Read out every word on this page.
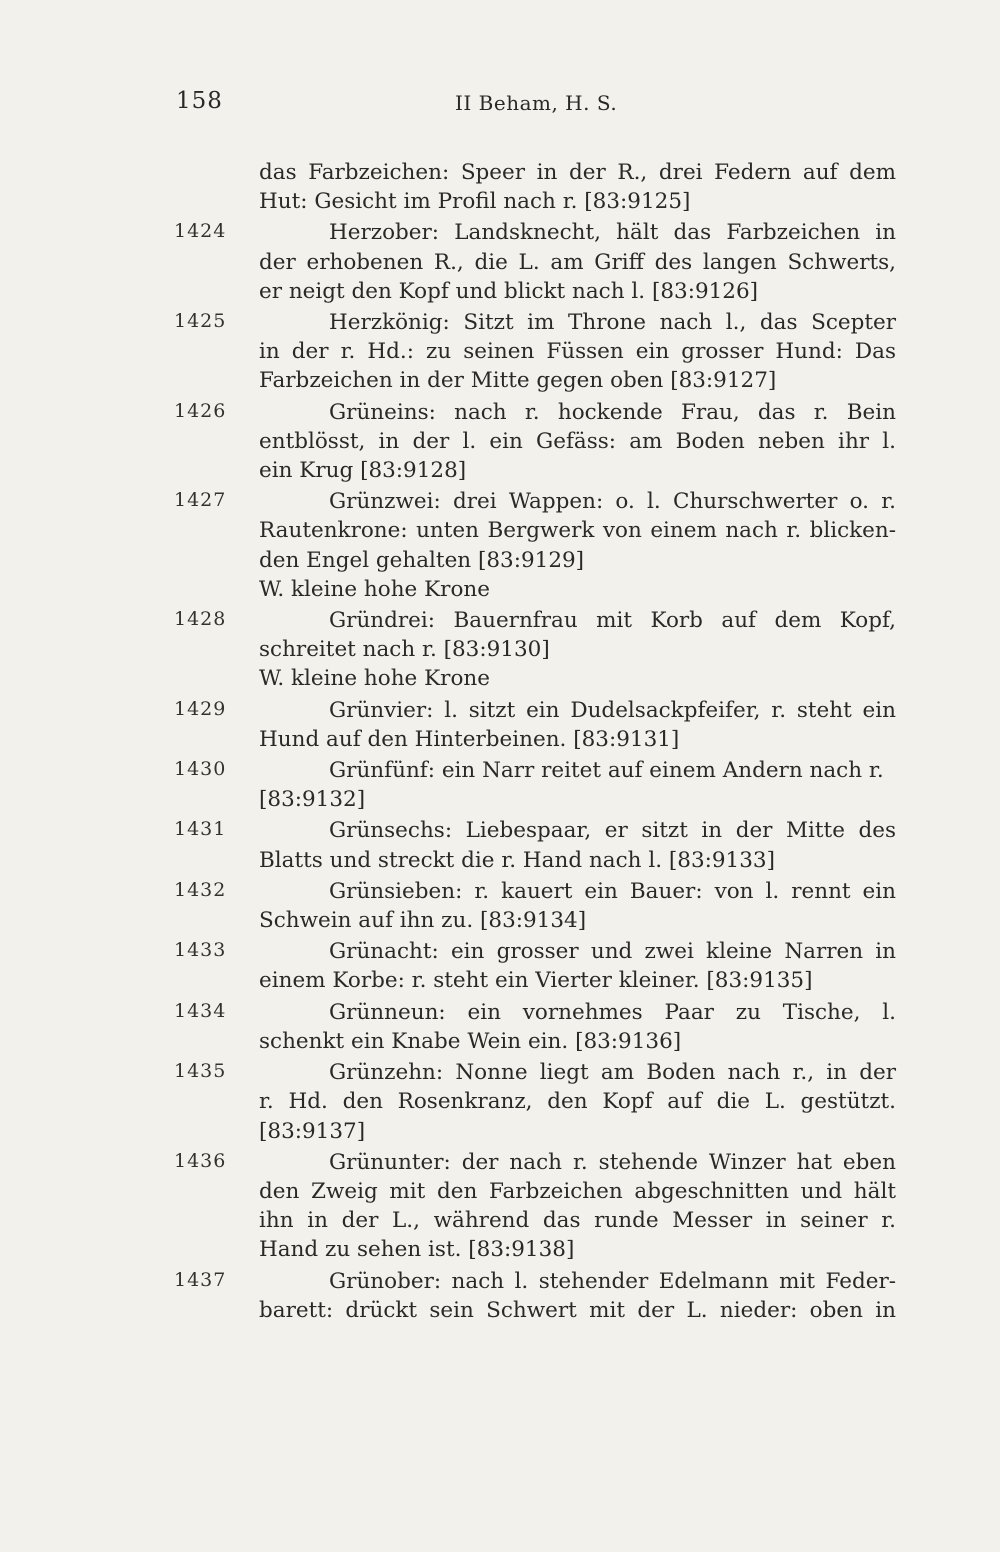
158	II Beham, H. S.
das Farbzeichen: Speer in der R., drei Federn auf dem
Hut: Gesicht im Profil nach r. [83:9125]
1424	Herzober: Landsknecht, hält das Farbzeichen in
der erhobenen R., die L. am Griff des langen Schwerts,
er neigt den Kopf und blickt nach l. [83:9126]
1425	Herzkönig: Sitzt im Throne nach l., das Scepter
in der r. Hd.: zu seinen Füssen ein grosser Hund: Das
Farbzeichen in der Mitte gegen oben [83:9127]
1426	Grüneins: nach r. hockende Frau, das r. Bein
entblösst, in der l. ein Gefäss: am Boden neben ihr l.
ein Krug [83:9128]
1427	Grünzwei: drei Wappen: o. l. Churschwerter o. r.
Rautenkrone: unten Bergwerk von einem nach r. blicken-
den Engel gehalten [83:9129]
W. kleine hohe Krone
1428	Gründrei: Bauernfrau mit Korb auf dem Kopf,
schreitet nach r. [83:9130]
W. kleine hohe Krone
1429	Grünvier: l. sitzt ein Dudelsackpfeifer, r. steht ein
Hund auf den Hinterbeinen. [83:9131]
1430	Grünfünf: ein Narr reitet auf einem Andern nach r.
[83:9132]
1431	Grünsechs: Liebespaar, er sitzt in der Mitte des
Blatts und streckt die r. Hand nach l. [83:9133]
1432	Grünsieben: r. kauert ein Bauer: von l. rennt ein
Schwein auf ihn zu. [83:9134]
1433	Grünacht: ein grosser und zwei kleine Narren in
einem Korbe: r. steht ein Vierter kleiner. [83:9135]
1434	Grünneun: ein vornehmes Paar zu Tische, l.
schenkt ein Knabe Wein ein. [83:9136]
1435	Grünzehn: Nonne liegt am Boden nach r., in der
r. Hd. den Rosenkranz, den Kopf auf die L. gestützt.
[83:9137]
1436	Grünunter: der nach r. stehende Winzer hat eben
den Zweig mit den Farbzeichen abgeschnitten und hält
ihn in der L., während das runde Messer in seiner r.
Hand zu sehen ist. [83:9138]
1437	Grünober: nach l. stehender Edelmann mit Feder-
barett: drückt sein Schwert mit der L. nieder: oben in
